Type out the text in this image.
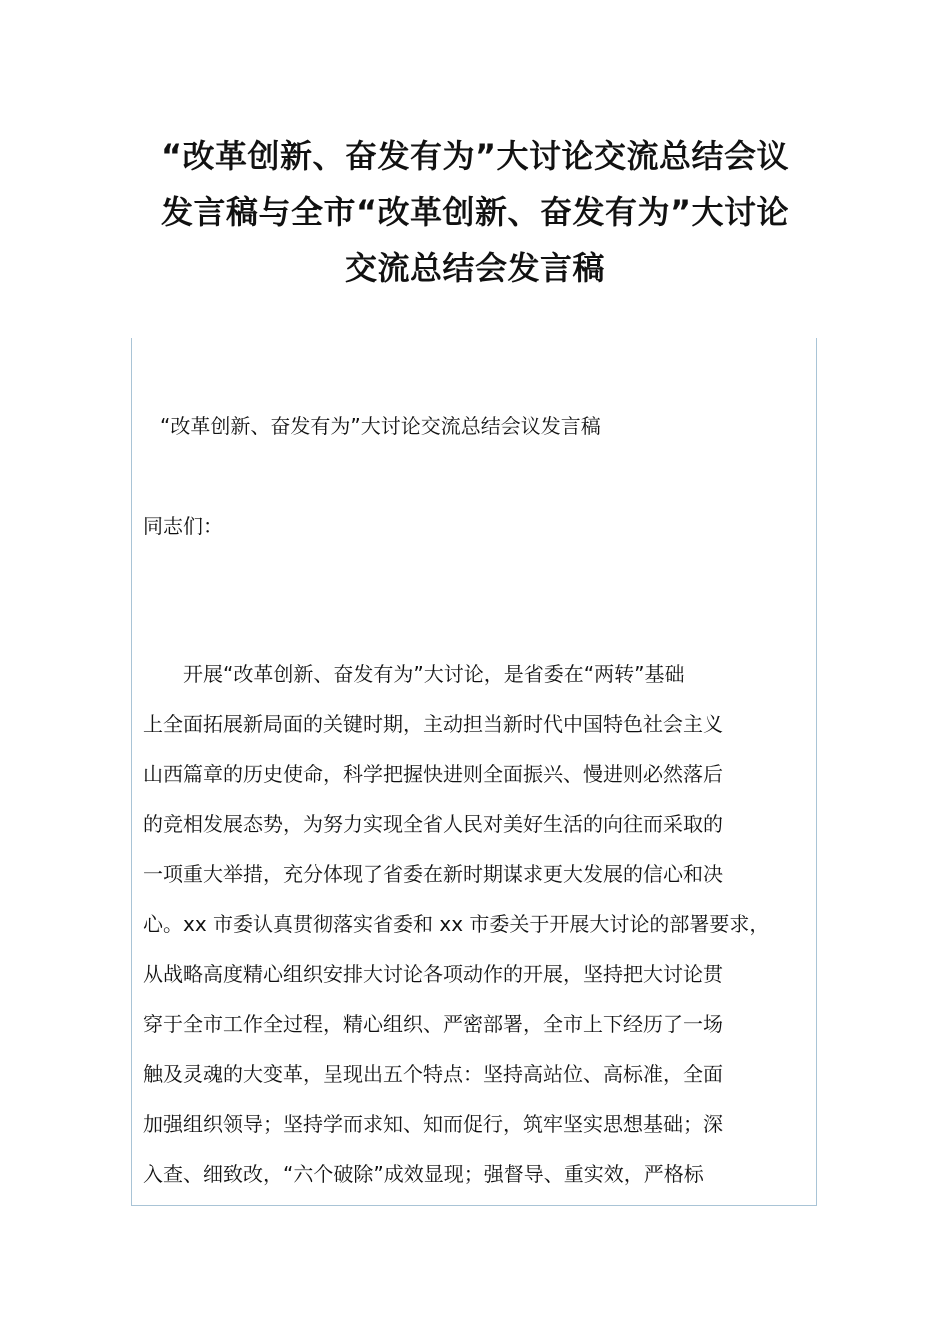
“改革创新、奋发有为”大讨论交流总结会议
发言稿与全市“改革创新、奋发有为”大讨论
交流总结会发言稿
“改革创新、奋发有为”大讨论交流总结会议发言稿
同志们：
　　开展“改革创新、奋发有为”大讨论，是省委在“两转”基础
上全面拓展新局面的关键时期，主动担当新时代中国特色社会主义
山西篇章的历史使命，科学把握快进则全面振兴、慢进则必然落后
的竞相发展态势，为努力实现全省人民对美好生活的向往而采取的
一项重大举措，充分体现了省委在新时期谋求更大发展的信心和决
心。xx 市委认真贯彻落实省委和 xx 市委关于开展大讨论的部署要求，
从战略高度精心组织安排大讨论各项动作的开展，坚持把大讨论贯
穿于全市工作全过程，精心组织、严密部署，全市上下经历了一场
触及灵魂的大变革，呈现出五个特点：坚持高站位、高标准，全面
加强组织领导；坚持学而求知、知而促行，筑牢坚实思想基础；深
入查、细致改，“六个破除”成效显现；强督导、重实效，严格标
